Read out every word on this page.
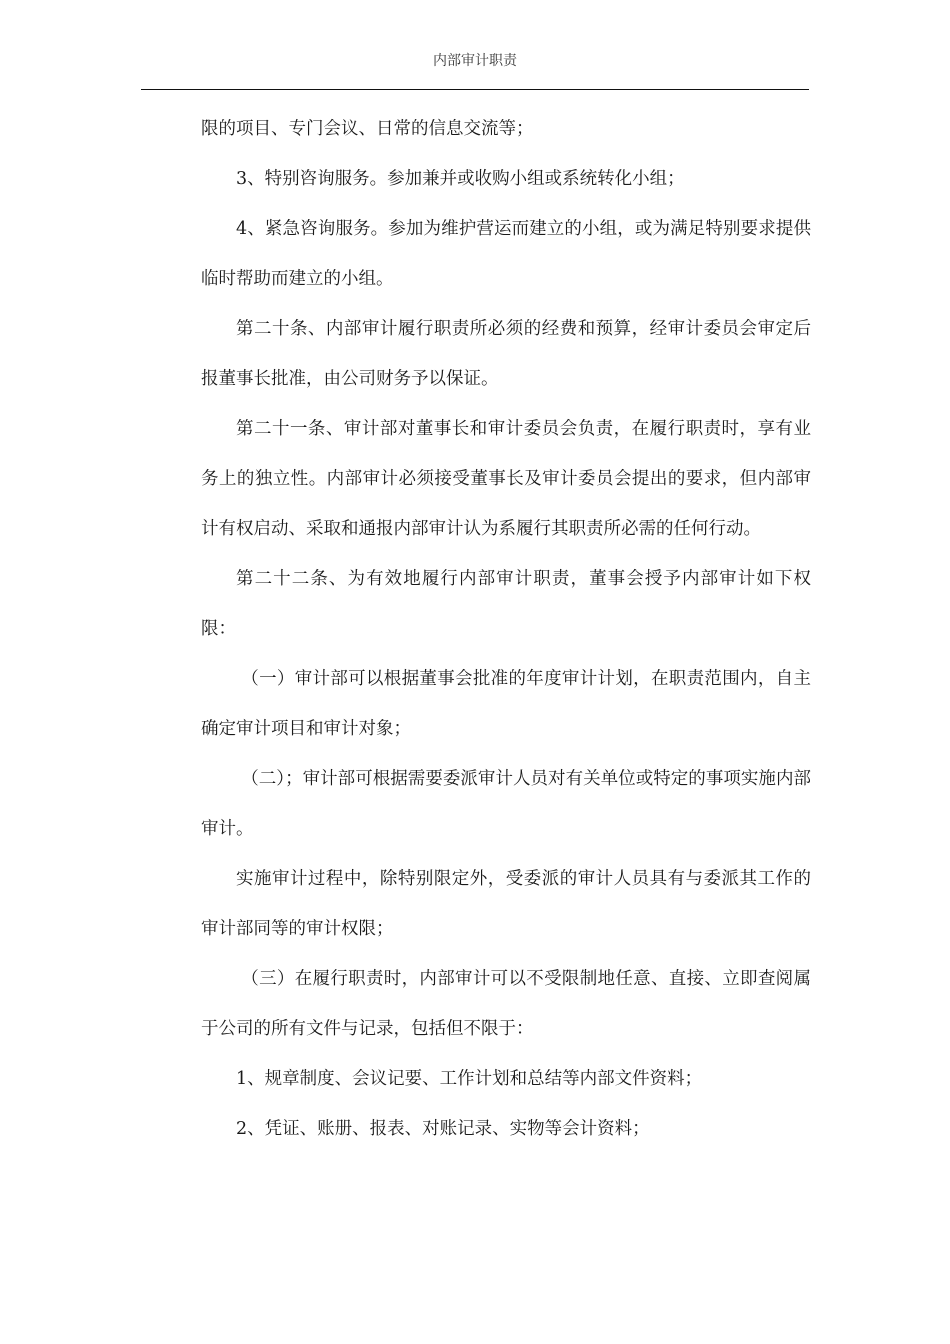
内部审计职责

限的项目、专门会议、日常的信息交流等；

3、特别咨询服务。参加兼并或收购小组或系统转化小组；

4、紧急咨询服务。参加为维护营运而建立的小组，或为满足特别要求提供临时帮助而建立的小组。

第二十条、内部审计履行职责所必须的经费和预算，经审计委员会审定后报董事长批准，由公司财务予以保证。

第二十一条、审计部对董事长和审计委员会负责，在履行职责时，享有业务上的独立性。内部审计必须接受董事长及审计委员会提出的要求，但内部审计有权启动、采取和通报内部审计认为系履行其职责所必需的任何行动。

第二十二条、为有效地履行内部审计职责，董事会授予内部审计如下权限：

（一）审计部可以根据董事会批准的年度审计计划，在职责范围内，自主确定审计项目和审计对象；

（二）；审计部可根据需要委派审计人员对有关单位或特定的事项实施内部审计。

实施审计过程中，除特别限定外，受委派的审计人员具有与委派其工作的审计部同等的审计权限；

（三）在履行职责时，内部审计可以不受限制地任意、直接、立即查阅属于公司的所有文件与记录，包括但不限于：

1、规章制度、会议记要、工作计划和总结等内部文件资料；

2、凭证、账册、报表、对账记录、实物等会计资料；
